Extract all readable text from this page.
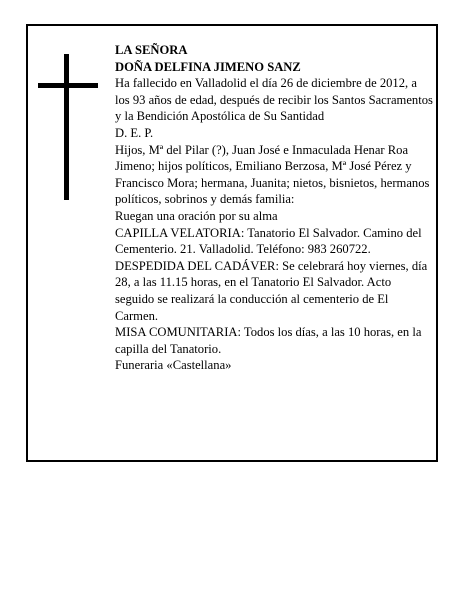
LA SEÑORA

DOÑA DELFINA JIMENO SANZ

Ha fallecido en Valladolid el día 26 de diciembre de 2012, a los 93 años de edad, después de recibir los Santos Sacramentos y la Bendición Apostólica de Su Santidad

D. E. P.

Hijos, Mª del Pilar (?), Juan José e Inmaculada Henar Roa Jimeno; hijos políticos, Emiliano Berzosa, Mª José Pérez y Francisco Mora; hermana, Juanita; nietos, bisnietos, hermanos políticos, sobrinos y demás familia:

Ruegan una oración por su alma

CAPILLA VELATORIA: Tanatorio El Salvador. Camino del Cementerio. 21. Valladolid. Teléfono: 983 260722.

DESPEDIDA DEL CADÁVER: Se celebrará hoy viernes, día 28, a las 11.15 horas, en el Tanatorio El Salvador. Acto seguido se realizará la conducción al cementerio de El Carmen.

MISA COMUNITARIA: Todos los días, a las 10 horas, en la capilla del Tanatorio.

Funeraria «Castellana»
